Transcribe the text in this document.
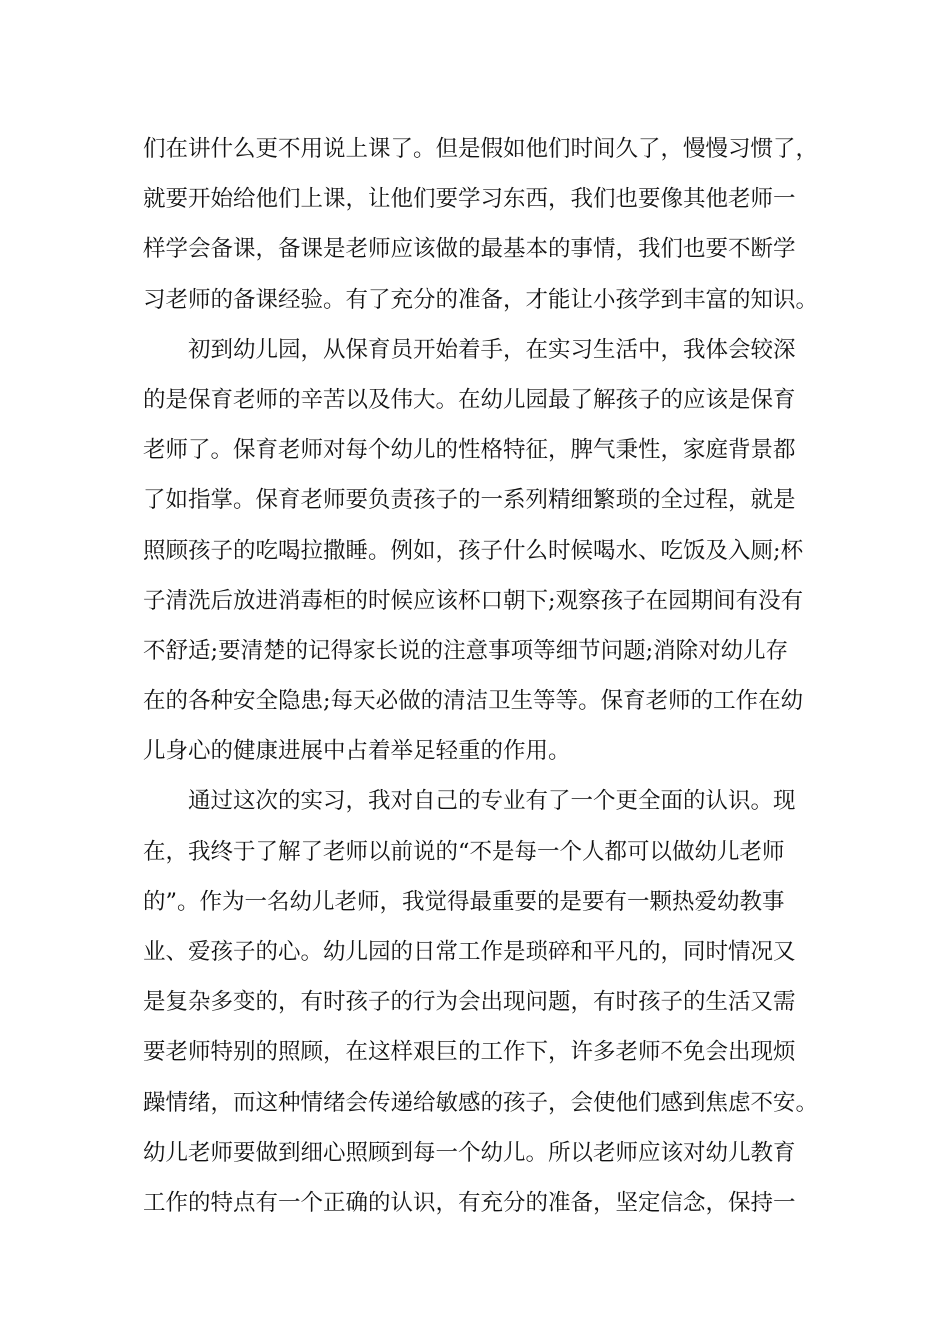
们在讲什么更不用说上课了。但是假如他们时间久了，慢慢习惯了，
就要开始给他们上课，让他们要学习东西，我们也要像其他老师一
样学会备课，备课是老师应该做的最基本的事情，我们也要不断学
习老师的备课经验。有了充分的准备，才能让小孩学到丰富的知识。
初到幼儿园，从保育员开始着手，在实习生活中，我体会较深
的是保育老师的辛苦以及伟大。在幼儿园最了解孩子的应该是保育
老师了。保育老师对每个幼儿的性格特征，脾气秉性，家庭背景都
了如指掌。保育老师要负责孩子的一系列精细繁琐的全过程，就是
照顾孩子的吃喝拉撒睡。例如，孩子什么时候喝水、吃饭及入厕;杯
子清洗后放进消毒柜的时候应该杯口朝下;观察孩子在园期间有没有
不舒适;要清楚的记得家长说的注意事项等细节问题;消除对幼儿存
在的各种安全隐患;每天必做的清洁卫生等等。保育老师的工作在幼
儿身心的健康进展中占着举足轻重的作用。
通过这次的实习，我对自己的专业有了一个更全面的认识。现
在，我终于了解了老师以前说的“不是每一个人都可以做幼儿老师
的”。作为一名幼儿老师，我觉得最重要的是要有一颗热爱幼教事
业、爱孩子的心。幼儿园的日常工作是琐碎和平凡的，同时情况又
是复杂多变的，有时孩子的行为会出现问题，有时孩子的生活又需
要老师特别的照顾，在这样艰巨的工作下，许多老师不免会出现烦
躁情绪，而这种情绪会传递给敏感的孩子，会使他们感到焦虑不安。
幼儿老师要做到细心照顾到每一个幼儿。所以老师应该对幼儿教育
工作的特点有一个正确的认识，有充分的准备，坚定信念，保持一
